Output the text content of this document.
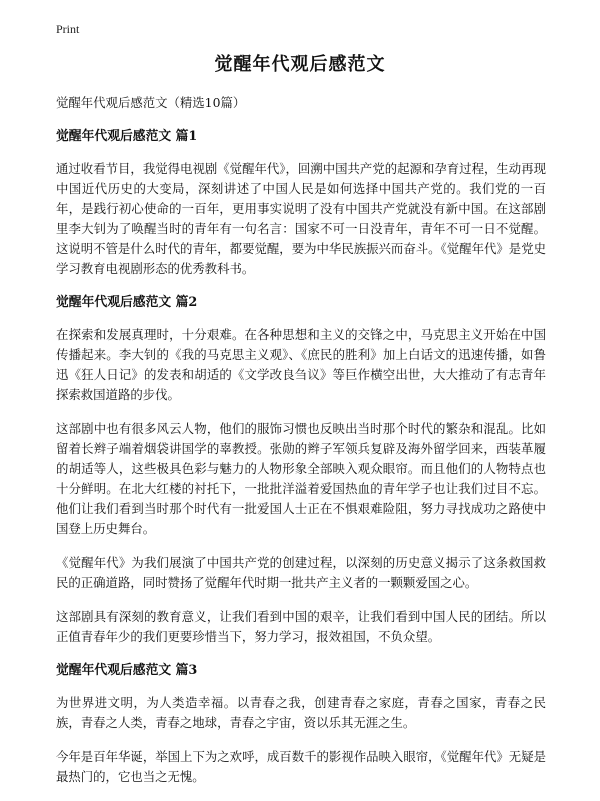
Print
觉醒年代观后感范文

觉醒年代观后感范文（精选10篇）

觉醒年代观后感范文 篇1

通过收看节目，我觉得电视剧《觉醒年代》，回溯中国共产党的起源和孕育过程，生动再现中国近代历史的大变局，深刻讲述了中国人民是如何选择中国共产党的。我们党的一百年，是践行初心使命的一百年，更用事实说明了没有中国共产党就没有新中国。在这部剧里李大钊为了唤醒当时的青年有一句名言：国家不可一日没青年，青年不可一日不觉醒。这说明不管是什么时代的青年，都要觉醒，要为中华民族振兴而奋斗。《觉醒年代》是党史学习教育电视剧形态的优秀教科书。

觉醒年代观后感范文 篇2

在探索和发展真理时，十分艰难。在各种思想和主义的交锋之中，马克思主义开始在中国传播起来。李大钊的《我的马克思主义观》、《庶民的胜利》加上白话文的迅速传播，如鲁迅《狂人日记》的发表和胡适的《文学改良刍议》等巨作横空出世，大大推动了有志青年探索救国道路的步伐。

这部剧中也有很多风云人物，他们的服饰习惯也反映出当时那个时代的繁杂和混乱。比如留着长辫子端着烟袋讲国学的辜教授。张勋的辫子军领兵复辟及海外留学回来，西装革履的胡适等人，这些极具色彩与魅力的人物形象全部映入观众眼帘。而且他们的人物特点也十分鲜明。在北大红楼的衬托下，一批批洋溢着爱国热血的青年学子也让我们过目不忘。他们让我们看到当时那个时代有一批爱国人士正在不惧艰难险阻，努力寻找成功之路使中国登上历史舞台。

《觉醒年代》为我们展演了中国共产党的创建过程，以深刻的历史意义揭示了这条救国救民的正确道路，同时赞扬了觉醒年代时期一批共产主义者的一颗颗爱国之心。

这部剧具有深刻的教育意义，让我们看到中国的艰辛，让我们看到中国人民的团结。所以正值青春年少的我们更要珍惜当下，努力学习，报效祖国，不负众望。

觉醒年代观后感范文 篇3

为世界进文明，为人类造幸福。以青春之我，创建青春之家庭，青春之国家，青春之民族，青春之人类，青春之地球，青春之宇宙，资以乐其无涯之生。

今年是百年华诞，举国上下为之欢呼，成百数千的影视作品映入眼帘，《觉醒年代》无疑是最热门的，它也当之无愧。
